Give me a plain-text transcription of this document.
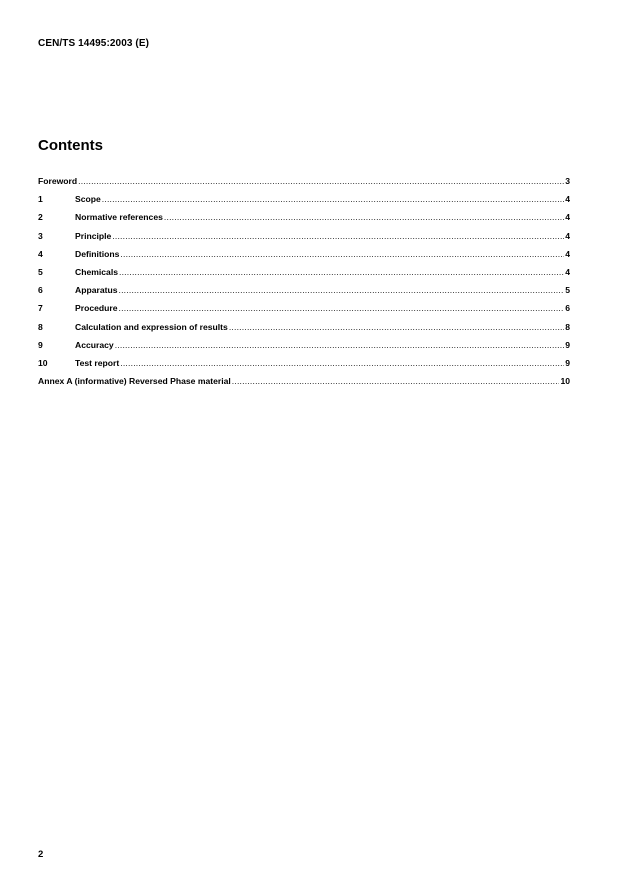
CEN/TS 14495:2003 (E)
Contents
Foreword .....	3
1	Scope .....	4
2	Normative references .....	4
3	Principle .....	4
4	Definitions .....	4
5	Chemicals .....	4
6	Apparatus .....	5
7	Procedure .....	6
8	Calculation and expression of results .....	8
9	Accuracy .....	9
10	Test report .....	9
Annex A (informative) Reversed Phase material .....	10
2
